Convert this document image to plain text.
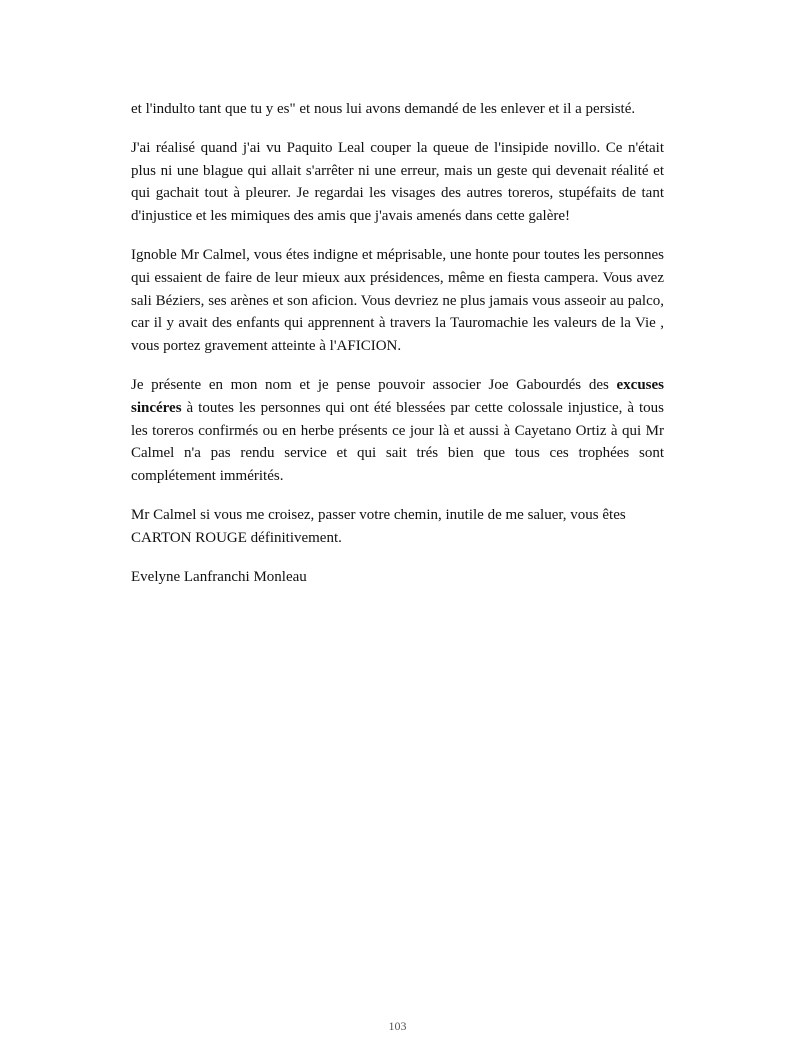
et l'indulto tant que tu y es" et nous lui avons demandé de les enlever et il a persisté.

J'ai réalisé quand j'ai vu Paquito Leal couper la queue de l'insipide novillo. Ce n'était plus ni une blague qui allait s'arrêter ni une erreur, mais un geste qui devenait réalité et qui gachait tout à pleurer. Je regardai les visages des autres toreros, stupéfaits de tant d'injustice et les mimiques des amis que j'avais amenés dans cette galère!

Ignoble Mr Calmel, vous étes indigne et méprisable, une honte pour toutes les personnes qui essaient de faire de leur mieux aux présidences, même en fiesta campera. Vous avez sali Béziers, ses arènes et son aficion. Vous devriez ne plus jamais vous asseoir au palco, car il y avait des enfants qui apprennent à travers la Tauromachie les valeurs de la Vie , vous portez gravement atteinte à l'AFICION.

Je présente en mon nom et je pense pouvoir associer Joe Gabourdés des excuses sincéres à toutes les personnes qui ont été blessées par cette colossale injustice, à tous les toreros confirmés ou en herbe présents ce jour là et aussi à Cayetano Ortiz à qui Mr Calmel n'a pas rendu service et qui sait trés bien que tous ces trophées sont complétement immérités.

Mr Calmel si vous me croisez, passer votre chemin, inutile de me saluer, vous êtes CARTON ROUGE définitivement.

Evelyne Lanfranchi Monleau

103
